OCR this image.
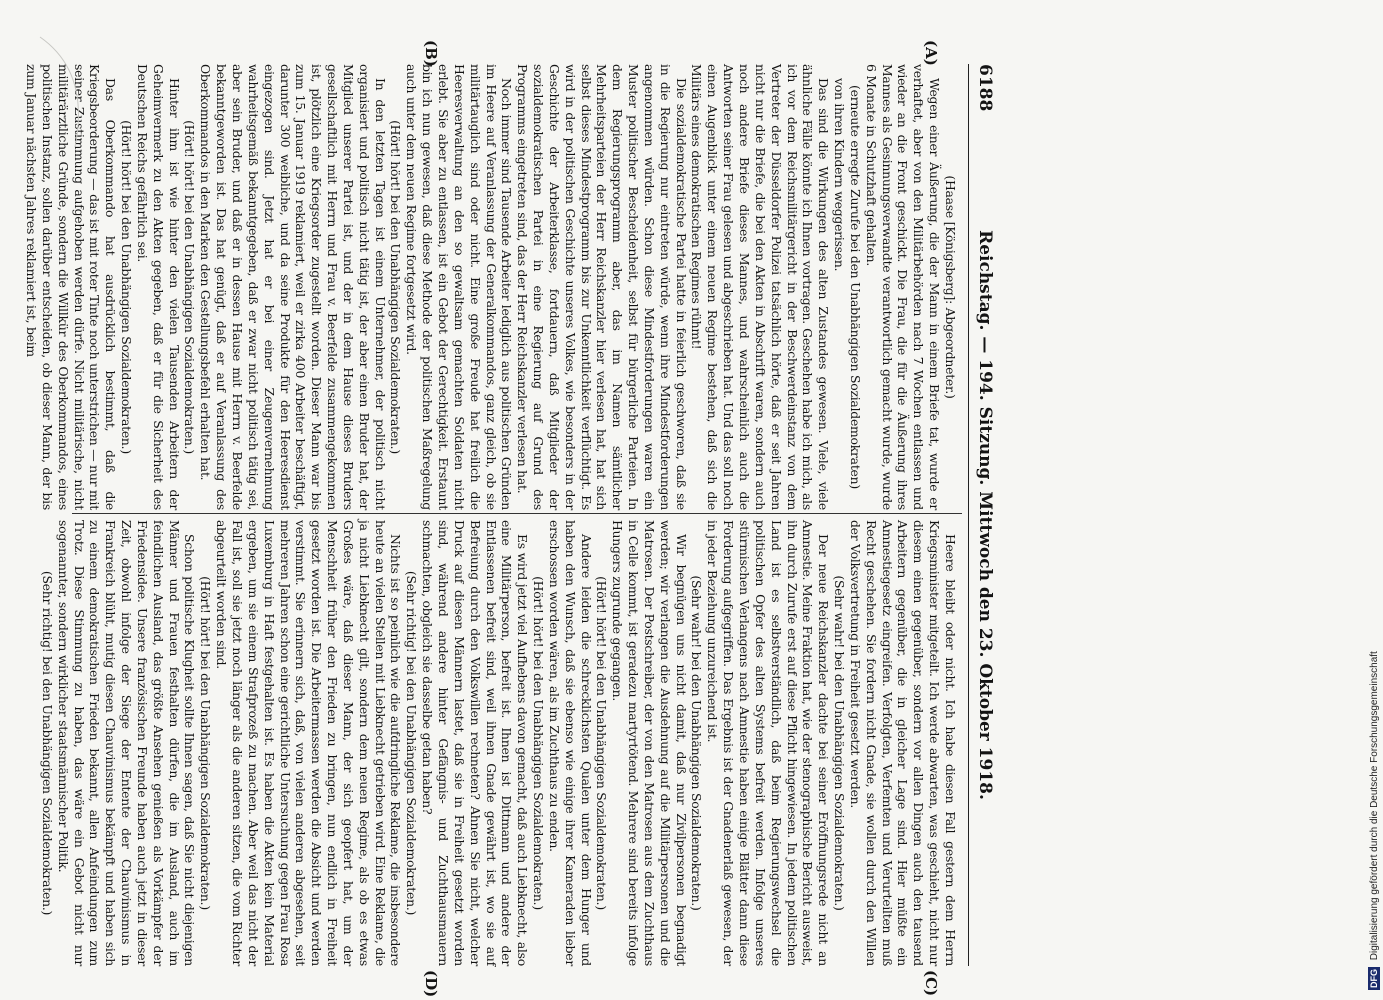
6188
Reichstag. — 194. Sitzung. Mittwoch den 23. Oktober 1918.
(A)
(B)
(C)
(D)

(Haase [Königsberg]: Abgeordneter.)

Wegen einer Äußerung, die der Mann in einem Briefe tat, wurde er verhaftet, aber von den Militärbehörden nach 7 Wochen entlassen und wieder an die Front geschickt. Die Frau, die für die Äußerung ihres Mannes als Gesinnungsverwandte verantwortlich gemacht wurde, wurde 6 Monate in Schutzhaft gehalten.

(erneute erregte Zurufe bei den Unabhängigen Sozialdemokraten)

von ihren Kindern weggerissen.

Das sind die Wirkungen des alten Zustandes gewesen. Viele, viele ähnliche Fälle könnte ich Ihnen vortragen. Geschehen habe ich mich, als ich vor dem Reichsmilitärgericht in der Beschwerdeinstanz von dem Vertreter der Düsseldorfer Polizei tatsächlich hörte, daß er seit Jahren nicht nur die Briefe, die bei den Akten in Abschrift waren, sondern auch noch andere Briefe dieses Mannes, und wahrscheinlich auch die Antworten seiner Frau gelesen und abgeschrieben hat. Und das soll noch einen Augenblick unter einem neuen Regime bestehen, daß sich die Militärs eines demokratischen Regimes rühmt!

Die sozialdemokratische Partei hatte in feierlich geschworen, daß sie in die Regierung nur eintreten würde, wenn ihre Mindestforderungen angenommen würden. Schon diese Mindestforderungen waren ein Muster politischer Bescheidenheit, selbst für bürgerliche Parteien. In dem Regierungsprogramm aber, das im Namen sämtlicher Mehrheitsparteien der Herr Reichskanzler hier verlesen hat, hat sich selbst dieses Mindestprogramm bis zur Unkenntlichkeit verflüchtigt. Es wird in der politischen Geschichte unseres Volkes, wie besonders in der Geschichte der Arbeiterklasse, fortdauern, daß Mitglieder der sozialdemokratischen Partei in eine Regierung auf Grund des Programms eingetreten sind, das der Herr Reichskanzler verlesen hat.

Noch immer sind Tausende Arbeiter lediglich aus politischen Gründen im Heere auf Veranlassung der Generalkommandos, ganz gleich, ob sie militärtauglich sind oder nicht. Eine große Freude hat freilich die Heeresverwaltung an den so gewaltsam gemachten Soldaten nicht erlebt. Sie aber zu entlassen, ist ein Gebot der Gerechtigkeit. Erstaunt bin ich nun gewesen, daß diese Methode der politischen Maßregelung auch unter dem neuen Regime fortgesetzt wird.

(Hört! hört! bei den Unabhängigen Sozialdemokraten.)

In den letzten Tagen ist einem Unternehmer, der politisch nicht organisiert und politisch nicht tätig ist, der aber einen Bruder hat, der Mitglied unserer Partei ist, und der in dem Hause dieses Bruders gesellschaftlich mit Herrn und Frau v. Beerfelde zusammengekommen ist, plötzlich eine Kriegsorder zugestellt worden. Dieser Mann war bis zum 15. Januar 1919 reklamiert, weil er zirka 400 Arbeiter beschäftigt, darunter 300 weibliche, und da seine Produkte für den Heeresdienst eingezogen sind. Jetzt hat er bei einer Zeugenvernehmung wahrheitsgemäß bekanntgegeben, daß er zwar nicht politisch tätig sei, aber sein Bruder, und daß er in dessen Hause mit Herrn v. Beerfelde bekanntgeworden ist. Das hat genügt, daß er auf Veranlassung des Oberkommandos in den Marken den Gestellungsbefehl erhalten hat.

(Hört! hört! bei den Unabhängigen Sozialdemokraten.)

Hinter ihm ist wie hinter den vielen Tausenden Arbeitern der Geheimvermerk zu den Akten gegeben, daß er für die Sicherheit des Deutschen Reichs gefährlich sei.

(Hört! hört! bei den Unabhängigen Sozialdemokraten.)

Das Oberkommando hat ausdrücklich bestimmt, daß die Kriegsbeorderung — das ist mit roter Tinte noch unterstrichen — nur mit seiner Zustimmung aufgehoben werden dürfe. Nicht militärische, nicht militärärztliche Gründe, sondern die Willkür des Oberkommandos, eines politischen Instanz, sollen darüber entscheiden, ob dieser Mann, der bis zum Januar nächsten Jahres reklamiert ist, beim

Heere bleibt oder nicht. Ich habe diesen Fall gestern dem Herrn Kriegsminister mitgeteilt. Ich werde abwarten, was geschieht, nicht nur diesem einen gegenüber, sondern vor allen Dingen auch den tausend Arbeitern gegenüber, die in gleicher Lage sind. Hier müßte ein Amnestiegesetz eingreifen. Verfolgten, Verfemten und Verurteilten muß Recht geschehen. Sie fordern nicht Gnade, sie wollen durch den Willen der Volksvertretung in Freiheit gesetzt werden.

(Sehr wahr! bei den Unabhängigen Sozialdemokraten.)

Der neue Reichskanzler dachte bei seiner Eröffnungsrede nicht an Amnestie. Meine Fraktion hat, wie der stenographische Bericht ausweist, ihn durch Zurufe erst auf diese Pflicht hingewiesen. In jedem politischen Land ist es selbstverständlich, daß beim Regierungswechsel die politischen Opfer des alten Systems befreit werden. Infolge unseres stürmischen Verlangens nach Amnestie haben einige Blätter dann diese Forderung aufgegriffen. Das Ergebnis ist der Gnadenerlaß gewesen, der in jeder Beziehung unzureichend ist.

(Sehr wahr! bei den Unabhängigen Sozialdemokraten.)

Wir begnügen uns nicht damit, daß nur Zivilpersonen begnadigt werden; wir verlangen die Ausdehnung auf die Militärpersonen und die Matrosen. Der Postschreiber, der von den Matrosen aus dem Zuchthaus in Celle kommt, ist geradezu martyrtötend. Mehrere sind bereits infolge Hungers zugrunde gegangen.

(Hört! hört! bei den Unabhängigen Sozialdemokraten.)

Andere leiden die schrecklichsten Qualen unter dem Hunger und haben den Wunsch, daß sie ebenso wie einige ihrer Kameraden lieber erschossen worden wären, als im Zuchthaus zu enden.

(Hört! hört! bei den Unabhängigen Sozialdemokraten.)

Es wird jetzt viel Aufhebens davon gemacht, daß auch Liebknecht, also eine Militärperson, befreit ist. Ihnen ist Dittmann und andere der Entlassenen befreit sind, weil ihnen Gnade gewährt ist, wo sie auf Befreiung durch den Volkswillen rechneten? Ahnen Sie nicht, welcher Druck auf diesen Männern lastet, daß sie in Freiheit gesetzt worden sind, während andere hinter Gefängnis- und Zuchthausmauern schmachten, obgleich sie dasselbe getan haben?

(Sehr richtig! bei den Unabhängigen Sozialdemokraten.)

Nichts ist so peinlich wie die aufdringliche Reklame, die insbesondere heute an vielen Stellen mit Liebknecht getrieben wird. Eine Reklame, die ja nicht Liebknecht gilt, sondern dem neuen Regime, als ob es etwas Großes wäre, daß dieser Mann, der sich geopfert hat, um der Menschheit früher den Frieden zu bringen, nun endlich in Freiheit gesetzt worden ist. Die Arbeitermassen werden die Absicht und werden verstimmt. Sie erinnern sich, daß, von vielen anderen abgesehen, seit mehreren Jahren schon eine gerichtliche Untersuchung gegen Frau Rosa Luxemburg in Haft festgehalten ist. Es haben die Akten kein Material ergeben, um sie einem Strafprozeß zu machen. Aber weil das nicht der Fall ist, soll sie jetzt noch länger als die anderen sitzen, die vom Richter abgeurteilt worden sind.

(Hört! hört! bei den Unabhängigen Sozialdemokraten.)

Schon politische Klugheit sollte Ihnen sagen, daß Sie nicht diejenigen Männer und Frauen festhalten dürfen, die im Ausland, auch im feindlichen Ausland, das größte Ansehen genießen als Vorkämpfer der Friedensidee. Unsere französischen Freunde haben auch jetzt in dieser Zeit, obwohl infolge der Siege der Entente der Chauvinismus in Frankreich blüht, mutig diesen Chauvinismus bekämpft und haben sich zu einem demokratischen Frieden bekannt, allen Anfeindungen zum Trotz. Diese Stimmung zu haben, das wäre ein Gebot nicht nur sogenannter, sondern wirklicher staatsmännischer Politik.

(Sehr richtig! bei den Unabhängigen Sozialdemokraten.)

DFG Digitalisierung gefördert durch die Deutsche Forschungsgemeinschaft
